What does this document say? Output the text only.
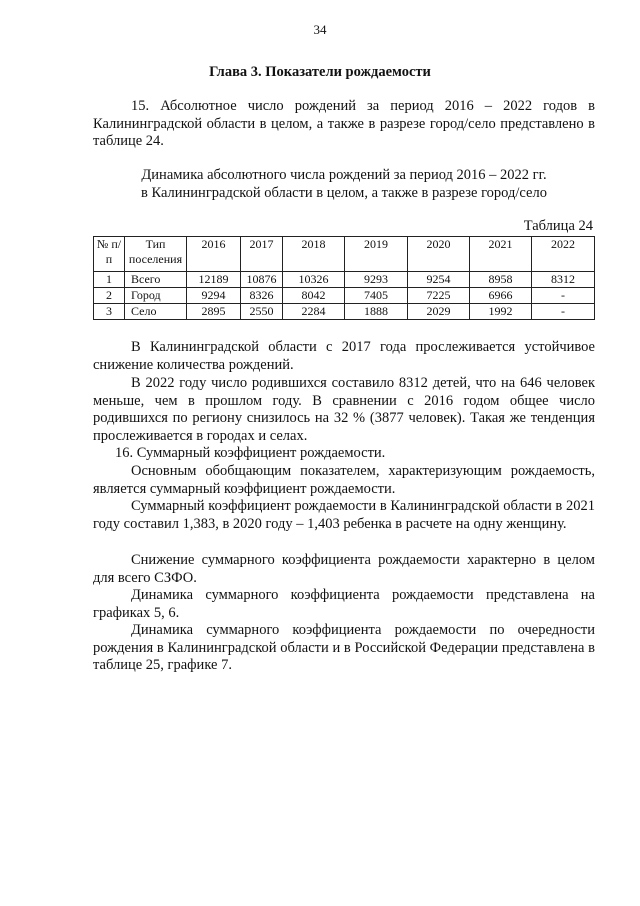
34
Глава 3. Показатели рождаемости

15. Абсолютное число рождений за период 2016 – 2022 годов в Калининградской области в целом, а также в разрезе город/село представлено в таблице 24.

Динамика абсолютного числа рождений за период 2016 – 2022 гг.
в Калининградской области в целом, а также в разрезе город/село
Таблица 24
№ п/п	Тип поселения	2016	2017	2018	2019	2020	2021	2022
1	Всего	12189	10876	10326	9293	9254	8958	8312
2	Город	9294	8326	8042	7405	7225	6966	-
3	Село	2895	2550	2284	1888	2029	1992	-

В Калининградской области с 2017 года прослеживается устойчивое снижение количества рождений.

В 2022 году число родившихся составило 8312 детей, что на 646 человек меньше, чем в прошлом году. В сравнении с 2016 годом общее число родившихся по региону снизилось на 32 % (3877 человек). Такая же тенденция прослеживается в городах и селах.

16. Суммарный коэффициент рождаемости.

Основным обобщающим показателем, характеризующим рождаемость, является суммарный коэффициент рождаемости.

Суммарный коэффициент рождаемости в Калининградской области в 2021 году составил 1,383, в 2020 году – 1,403 ребенка в расчете на одну женщину.

Снижение суммарного коэффициента рождаемости характерно в целом для всего СЗФО.

Динамика суммарного коэффициента рождаемости представлена на графиках 5, 6.

Динамика суммарного коэффициента рождаемости по очередности рождения в Калининградской области и в Российской Федерации представлена в таблице 25, графике 7.
